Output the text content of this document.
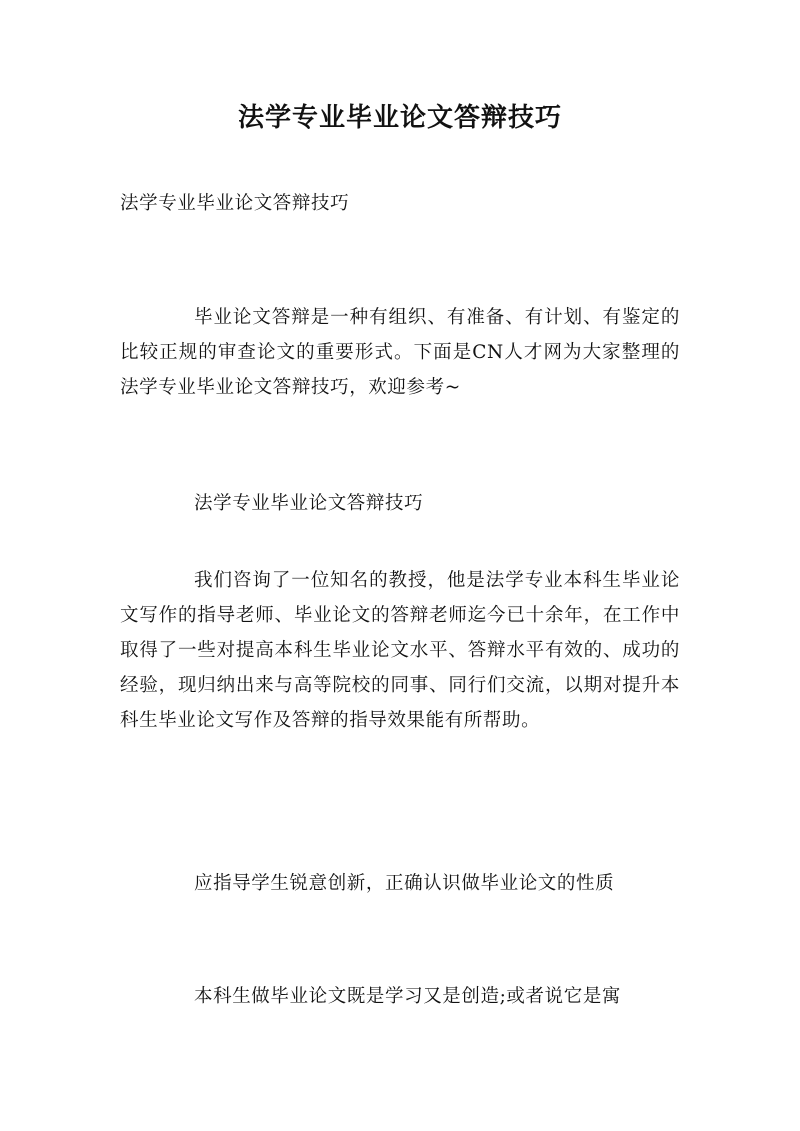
法学专业毕业论文答辩技巧

法学专业毕业论文答辩技巧

毕业论文答辩是一种有组织、有准备、有计划、有鉴定的比较正规的审查论文的重要形式。下面是CN人才网为大家整理的法学专业毕业论文答辩技巧，欢迎参考~

法学专业毕业论文答辩技巧

我们咨询了一位知名的教授，他是法学专业本科生毕业论文写作的指导老师、毕业论文的答辩老师迄今已十余年，在工作中取得了一些对提高本科生毕业论文水平、答辩水平有效的、成功的经验，现归纳出来与高等院校的同事、同行们交流，以期对提升本科生毕业论文写作及答辩的指导效果能有所帮助。

应指导学生锐意创新，正确认识做毕业论文的性质

本科生做毕业论文既是学习又是创造;或者说它是寓
